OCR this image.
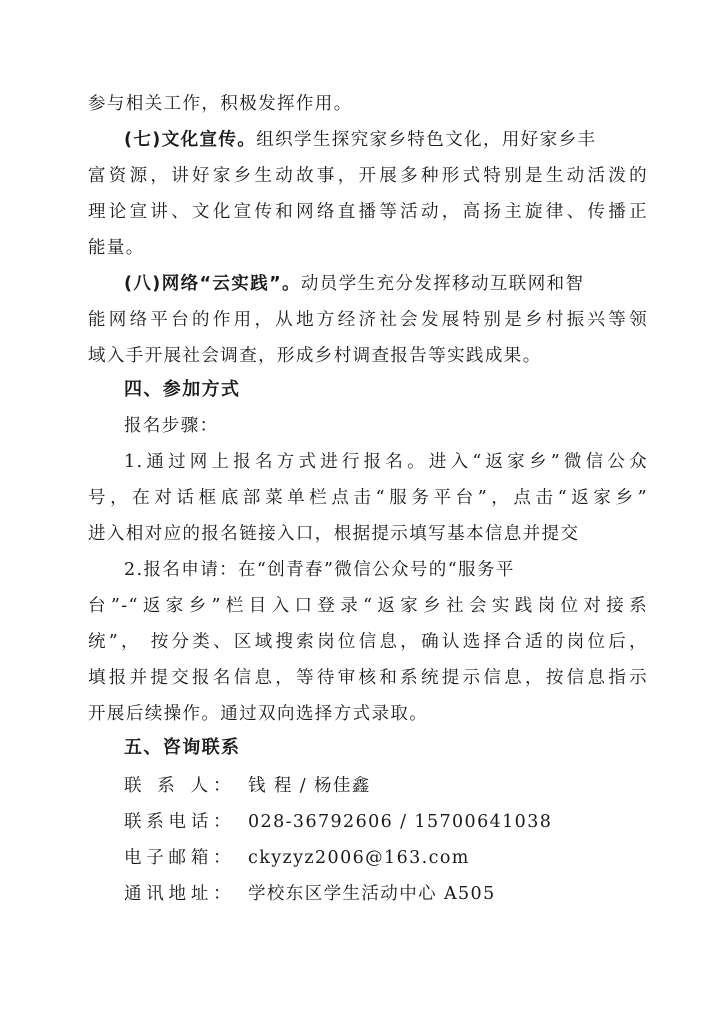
参与相关工作，积极发挥作用。
(七)文化宣传。组织学生探究家乡特色文化，用好家乡丰
富资源，讲好家乡生动故事，开展多种形式特别是生动活泼的
理论宣讲、文化宣传和网络直播等活动，高扬主旋律、传播正
能量。
(八)网络“云实践”。动员学生充分发挥移动互联网和智
能网络平台的作用，从地方经济社会发展特别是乡村振兴等领
域入手开展社会调查，形成乡村调查报告等实践成果。
四、参加方式
报名步骤：
1.通过网上报名方式进行报名。进入“返家乡”微信公众
号，在对话框底部菜单栏点击“服务平台”，点击“返家乡”
进入相对应的报名链接入口，根据提示填写基本信息并提交
2.报名申请：在“创青春”微信公众号的“服务平
台”-“返家乡”栏目入口登录“返家乡社会实践岗位对接系
统”， 按分类、区域搜索岗位信息，确认选择合适的岗位后，
填报并提交报名信息，等待审核和系统提示信息，按信息指示
开展后续操作。通过双向选择方式录取。
五、咨询联系
联 系 人： 钱 程 / 杨佳鑫
联系电话： 028-36792606 / 15700641038
电子邮箱： ckyzyz2006@163.com
通讯地址： 学校东区学生活动中心 A505
